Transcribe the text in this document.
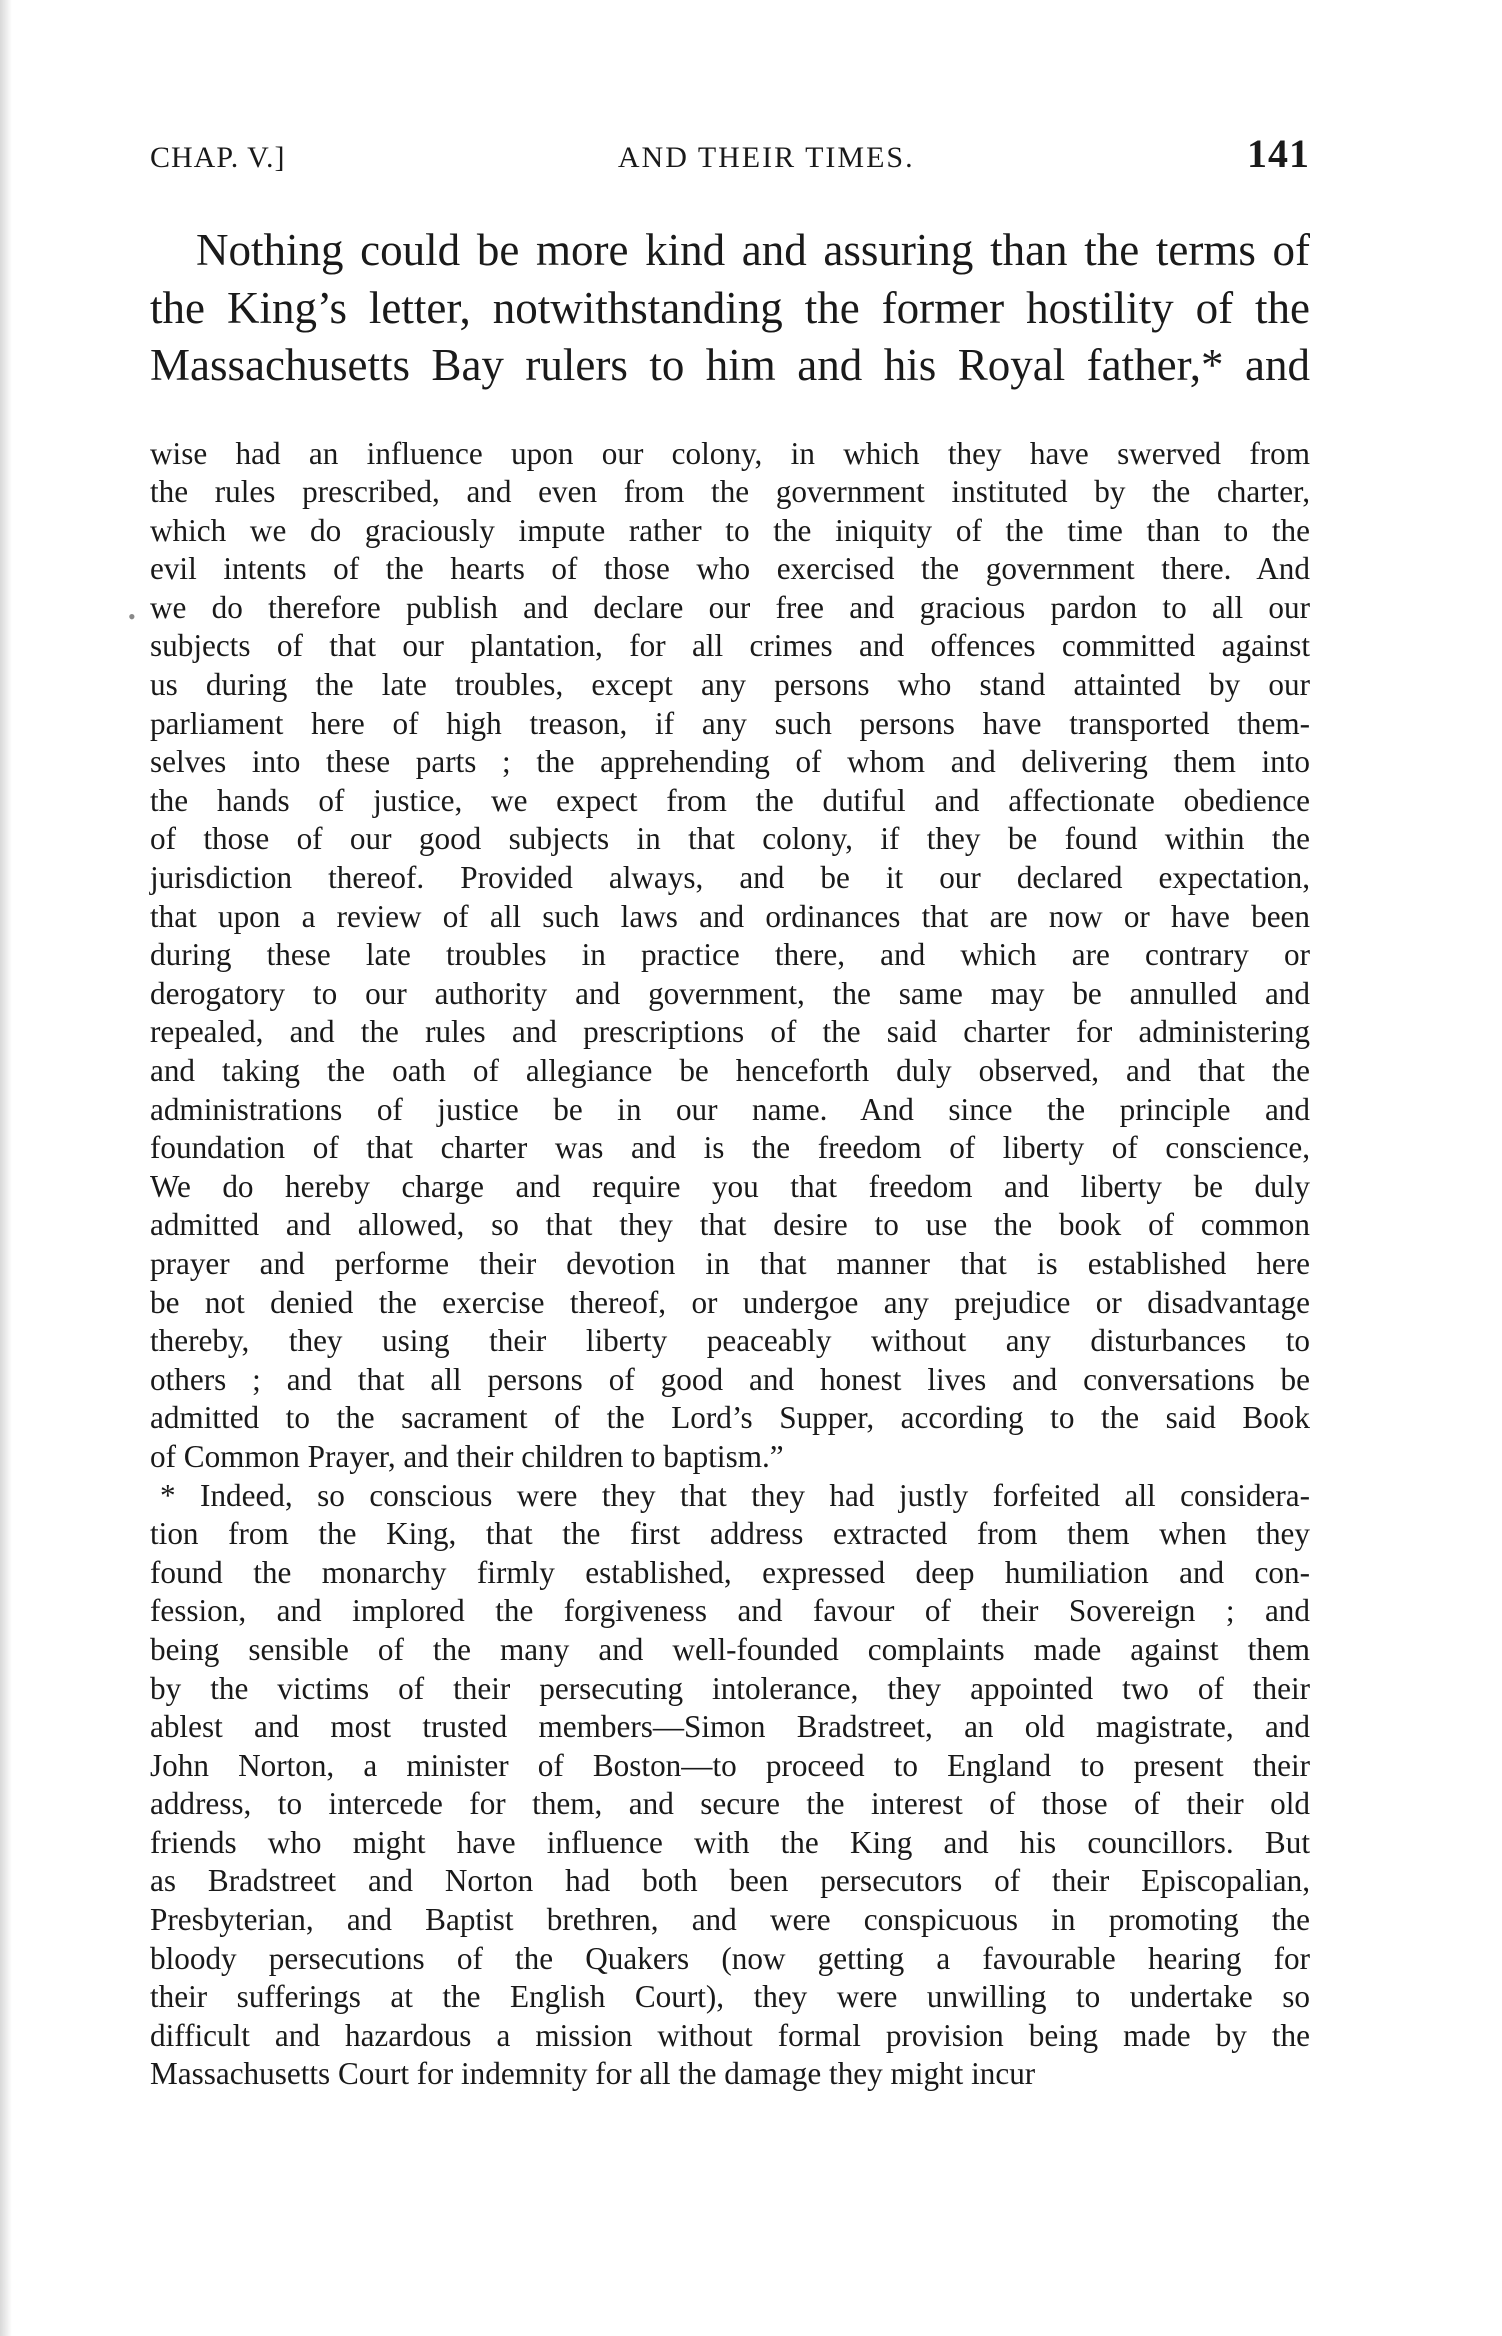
•
CHAP. V.]	AND THEIR TIMES.	141
Nothing could be more kind and assuring than the terms of
the King’s letter, notwithstanding the former hostility of the
Massachusetts Bay rulers to him and his Royal father,* and
wise had an influence upon our colony, in which they have swerved from
the rules prescribed, and even from the government instituted by the charter,
which we do graciously impute rather to the iniquity of the time than to the
evil intents of the hearts of those who exercised the government there. And
we do therefore publish and declare our free and gracious pardon to all our
subjects of that our plantation, for all crimes and offences committed against
us during the late troubles, except any persons who stand attainted by our
parliament here of high treason, if any such persons have transported them-
selves into these parts ; the apprehending of whom and delivering them into
the hands of justice, we expect from the dutiful and affectionate obedience
of those of our good subjects in that colony, if they be found within the
jurisdiction thereof. Provided always, and be it our declared expectation,
that upon a review of all such laws and ordinances that are now or have been
during these late troubles in practice there, and which are contrary or
derogatory to our authority and government, the same may be annulled and
repealed, and the rules and prescriptions of the said charter for administering
and taking the oath of allegiance be henceforth duly observed, and that the
administrations of justice be in our name. And since the principle and
foundation of that charter was and is the freedom of liberty of conscience,
We do hereby charge and require you that freedom and liberty be duly
admitted and allowed, so that they that desire to use the book of common
prayer and performe their devotion in that manner that is established here
be not denied the exercise thereof, or undergoe any prejudice or disadvantage
thereby, they using their liberty peaceably without any disturbances to
others ; and that all persons of good and honest lives and conversations be
admitted to the sacrament of the Lord’s Supper, according to the said Book
of Common Prayer, and their children to baptism.”
* Indeed, so conscious were they that they had justly forfeited all considera-
tion from the King, that the first address extracted from them when they
found the monarchy firmly established, expressed deep humiliation and con-
fession, and implored the forgiveness and favour of their Sovereign ; and
being sensible of the many and well-founded complaints made against them
by the victims of their persecuting intolerance, they appointed two of their
ablest and most trusted members—Simon Bradstreet, an old magistrate, and
John Norton, a minister of Boston—to proceed to England to present their
address, to intercede for them, and secure the interest of those of their old
friends who might have influence with the King and his councillors. But
as Bradstreet and Norton had both been persecutors of their Episcopalian,
Presbyterian, and Baptist brethren, and were conspicuous in promoting the
bloody persecutions of the Quakers (now getting a favourable hearing for
their sufferings at the English Court), they were unwilling to undertake so
difficult and hazardous a mission without formal provision being made by the
Massachusetts Court for indemnity for all the damage they might incur
